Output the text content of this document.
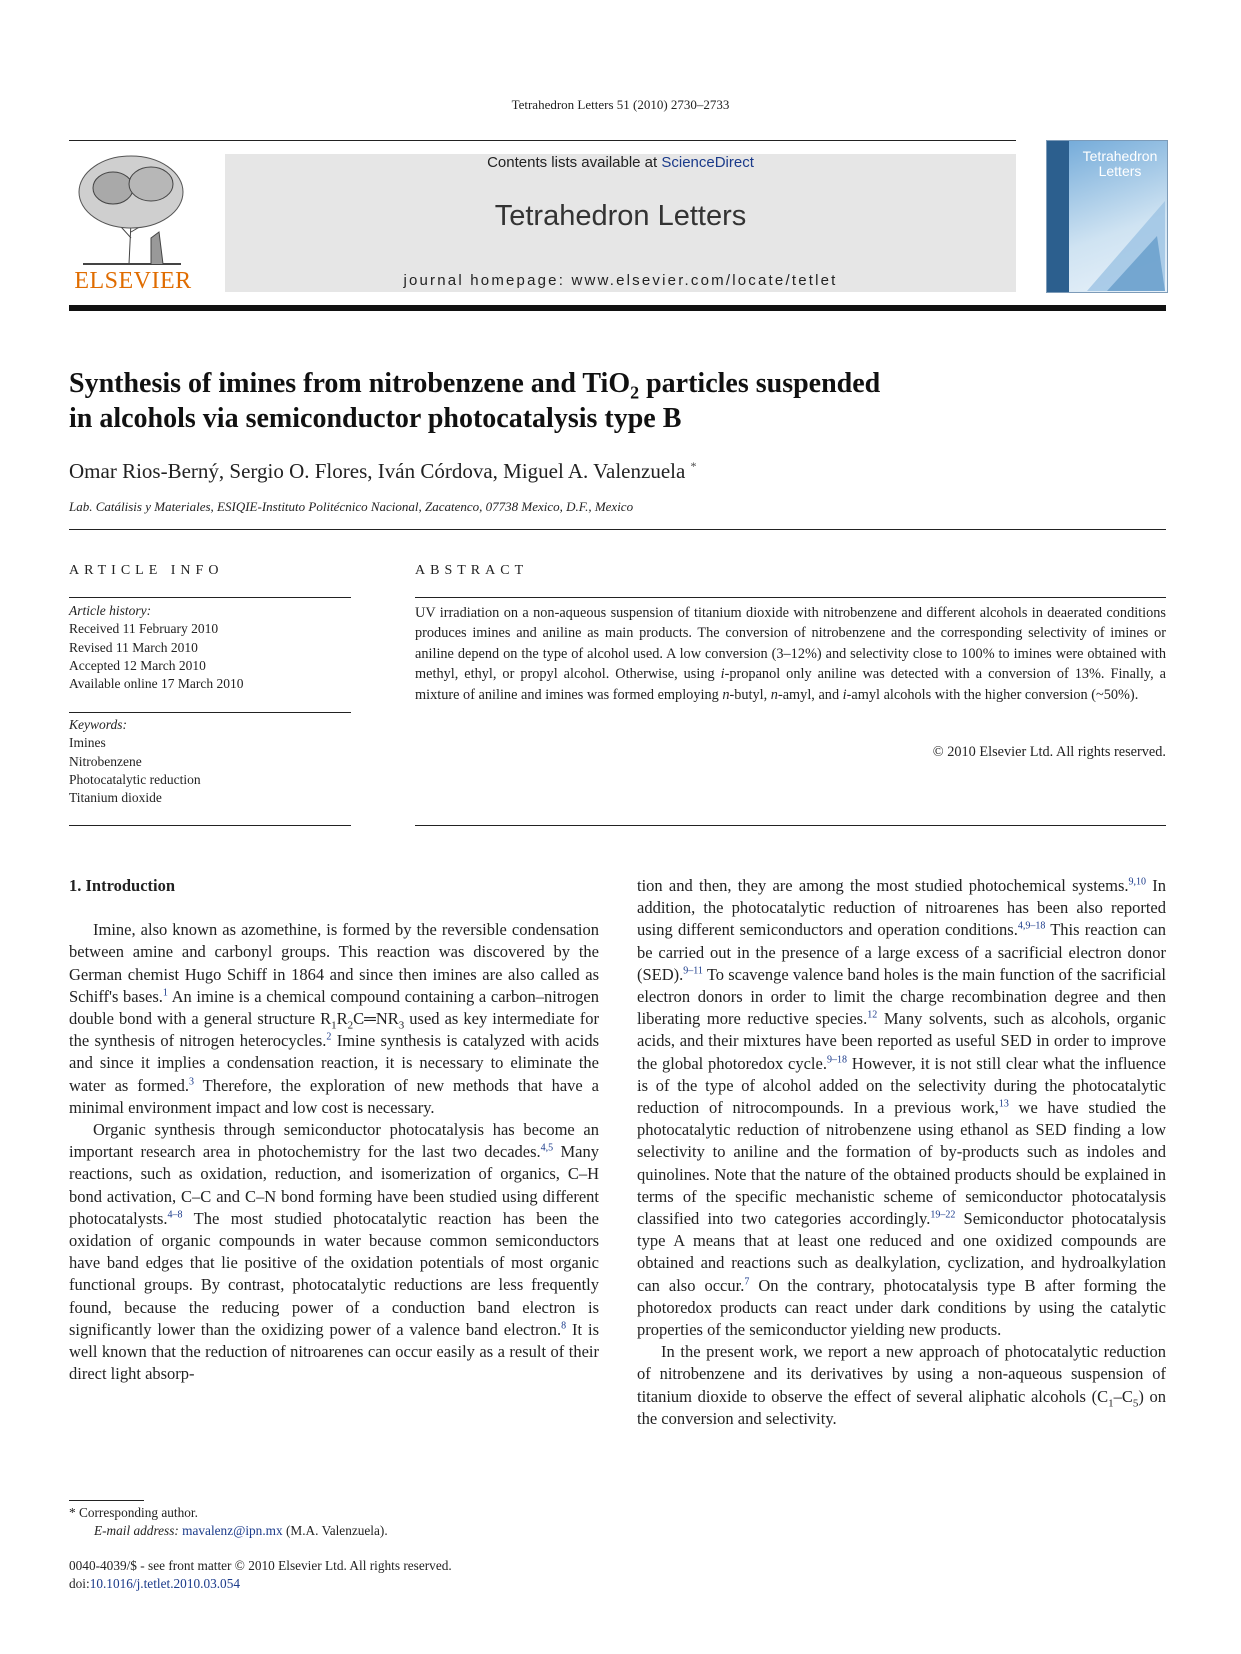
Tetrahedron Letters 51 (2010) 2730–2733
ELSEVIER
Contents lists available at ScienceDirect
Tetrahedron Letters
journal homepage: www.elsevier.com/locate/tetlet
Tetrahedron Letters
Synthesis of imines from nitrobenzene and TiO$_2$ particles suspended
in alcohols via semiconductor photocatalysis type B
Omar Rios-Berný, Sergio O. Flores, Iván Córdova, Miguel A. Valenzuela *
Lab. Catálisis y Materiales, ESIQIE-Instituto Politécnico Nacional, Zacatenco, 07738 Mexico, D.F., Mexico
ARTICLE INFO	ABSTRACT
Article history:
Received 11 February 2010
Revised 11 March 2010
Accepted 12 March 2010
Available online 17 March 2010
Keywords:
Imines
Nitrobenzene
Photocatalytic reduction
Titanium dioxide
UV irradiation on a non-aqueous suspension of titanium dioxide with nitrobenzene and different alcohols in deaerated conditions produces imines and aniline as main products. The conversion of nitrobenzene and the corresponding selectivity of imines or aniline depend on the type of alcohol used. A low conversion (3–12%) and selectivity close to 100% to imines were obtained with methyl, ethyl, or propyl alcohol. Otherwise, using i-propanol only aniline was detected with a conversion of 13%. Finally, a mixture of aniline and imines was formed employing n-butyl, n-amyl, and i-amyl alcohols with the higher conversion (~50%).
© 2010 Elsevier Ltd. All rights reserved.
1. Introduction

Imine, also known as azomethine, is formed by the reversible condensation between amine and carbonyl groups. This reaction was discovered by the German chemist Hugo Schiff in 1864 and since then imines are also called as Schiff's bases.$^1$ An imine is a chemical compound containing a carbon–nitrogen double bond with a general structure $R_1R_2C═NR_3$ used as key intermediate for the synthesis of nitrogen heterocycles.$^2$ Imine synthesis is catalyzed with acids and since it implies a condensation reaction, it is necessary to eliminate the water as formed.$^3$ Therefore, the exploration of new methods that have a minimal environment impact and low cost is necessary.

Organic synthesis through semiconductor photocatalysis has become an important research area in photochemistry for the last two decades.$^{4,5}$ Many reactions, such as oxidation, reduction, and isomerization of organics, C–H bond activation, C–C and C–N bond forming have been studied using different photocatalysts.$^{4-8}$ The most studied photocatalytic reaction has been the oxidation of organic compounds in water because common semiconductors have band edges that lie positive of the oxidation potentials of most organic functional groups. By contrast, photocatalytic reductions are less frequently found, because the reducing power of a conduction band electron is significantly lower than the oxidizing power of a valence band electron.$^8$ It is well known that the reduction of nitroarenes can occur easily as a result of their direct light absorp-

tion and then, they are among the most studied photochemical systems.$^{9,10}$ In addition, the photocatalytic reduction of nitroarenes has been also reported using different semiconductors and operation conditions.$^{4,9-18}$ This reaction can be carried out in the presence of a large excess of a sacrificial electron donor (SED).$^{9-11}$ To scavenge valence band holes is the main function of the sacrificial electron donors in order to limit the charge recombination degree and then liberating more reductive species.$^{12}$ Many solvents, such as alcohols, organic acids, and their mixtures have been reported as useful SED in order to improve the global photoredox cycle.$^{9-18}$ However, it is not still clear what the influence is of the type of alcohol added on the selectivity during the photocatalytic reduction of nitrocompounds. In a previous work,$^{13}$ we have studied the photocatalytic reduction of nitrobenzene using ethanol as SED finding a low selectivity to aniline and the formation of by-products such as indoles and quinolines. Note that the nature of the obtained products should be explained in terms of the specific mechanistic scheme of semiconductor photocatalysis classified into two categories accordingly.$^{19-22}$ Semiconductor photocatalysis type A means that at least one reduced and one oxidized compounds are obtained and reactions such as dealkylation, cyclization, and hydroalkylation can also occur.$^7$ On the contrary, photocatalysis type B after forming the photoredox products can react under dark conditions by using the catalytic properties of the semiconductor yielding new products.

In the present work, we report a new approach of photocatalytic reduction of nitrobenzene and its derivatives by using a non-aqueous suspension of titanium dioxide to observe the effect of several aliphatic alcohols $(C_1-C_5)$ on the conversion and selectivity.

* Corresponding author.
E-mail address: mavalenz@ipn.mx (M.A. Valenzuela).
0040-4039/$ - see front matter © 2010 Elsevier Ltd. All rights reserved.
doi:10.1016/j.tetlet.2010.03.054
